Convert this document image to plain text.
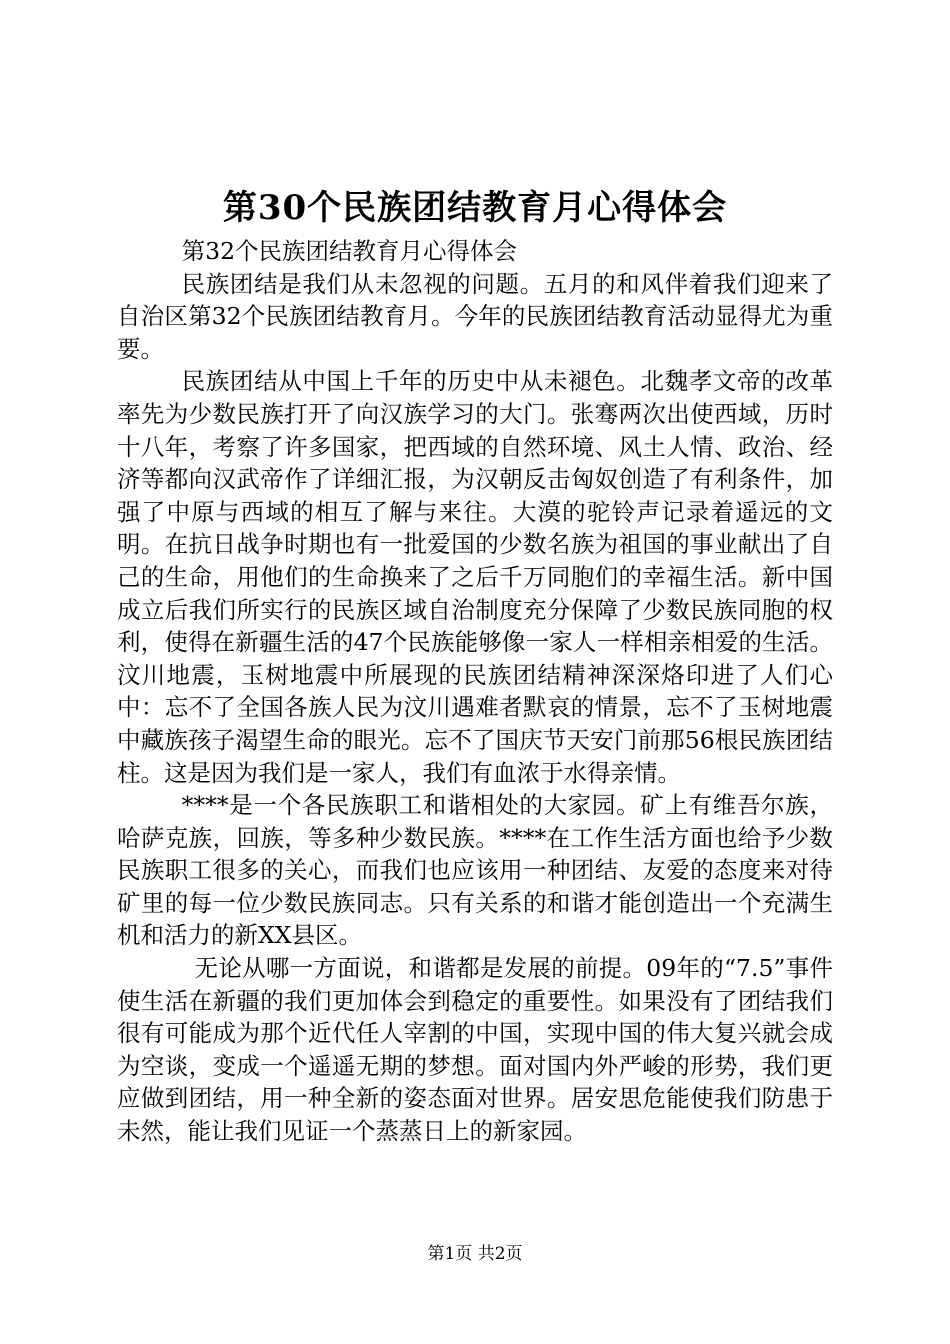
第30个民族团结教育月心得体会

第32个民族团结教育月心得体会

民族团结是我们从未忽视的问题。五月的和风伴着我们迎来了自治区第32个民族团结教育月。今年的民族团结教育活动显得尤为重要。

民族团结从中国上千年的历史中从未褪色。北魏孝文帝的改革率先为少数民族打开了向汉族学习的大门。张骞两次出使西域，历时十八年，考察了许多国家，把西域的自然环境、风土人情、政治、经济等都向汉武帝作了详细汇报，为汉朝反击匈奴创造了有利条件，加强了中原与西域的相互了解与来往。大漠的驼铃声记录着遥远的文明。在抗日战争时期也有一批爱国的少数名族为祖国的事业献出了自己的生命，用他们的生命换来了之后千万同胞们的幸福生活。新中国成立后我们所实行的民族区域自治制度充分保障了少数民族同胞的权利，使得在新疆生活的47个民族能够像一家人一样相亲相爱的生活。汶川地震，玉树地震中所展现的民族团结精神深深烙印进了人们心中：忘不了全国各族人民为汶川遇难者默哀的情景，忘不了玉树地震中藏族孩子渴望生命的眼光。忘不了国庆节天安门前那56根民族团结柱。这是因为我们是一家人，我们有血浓于水得亲情。

****是一个各民族职工和谐相处的大家园。矿上有维吾尔族，哈萨克族，回族，等多种少数民族。****在工作生活方面也给予少数民族职工很多的关心，而我们也应该用一种团结、友爱的态度来对待矿里的每一位少数民族同志。只有关系的和谐才能创造出一个充满生机和活力的新XX县区。

无论从哪一方面说，和谐都是发展的前提。09年的“7.5”事件使生活在新疆的我们更加体会到稳定的重要性。如果没有了团结我们很有可能成为那个近代任人宰割的中国，实现中国的伟大复兴就会成为空谈，变成一个遥遥无期的梦想。面对国内外严峻的形势，我们更应做到团结，用一种全新的姿态面对世界。居安思危能使我们防患于未然，能让我们见证一个蒸蒸日上的新家园。

第1页 共2页
